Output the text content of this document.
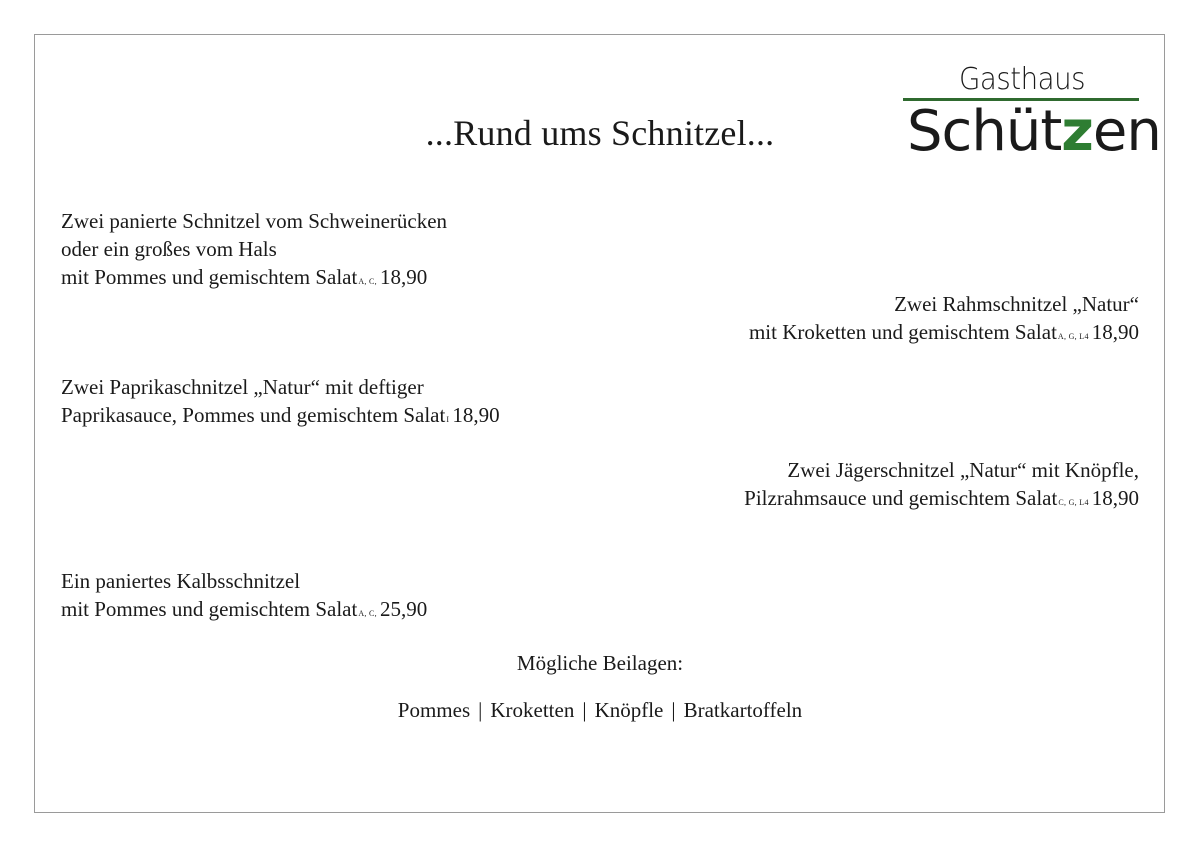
...Rund ums Schnitzel...
Gasthaus
Schützen
Zwei panierte Schnitzel vom Schweinerücken
oder ein großes vom Hals
mit Pommes und gemischtem SalatA, C, 18,90
Zwei Rahmschnitzel „Natur“
mit Kroketten und gemischtem SalatA, G, L4 18,90
Zwei Paprikaschnitzel „Natur“ mit deftiger
Paprikasauce, Pommes und gemischtem SalatI 18,90
Zwei Jägerschnitzel „Natur“ mit Knöpfle,
Pilzrahmsauce und gemischtem SalatC, G, L4 18,90
Ein paniertes Kalbsschnitzel
mit Pommes und gemischtem SalatA, C, 25,90
Mögliche Beilagen:
Pommes | Kroketten | Knöpfle | Bratkartoffeln
